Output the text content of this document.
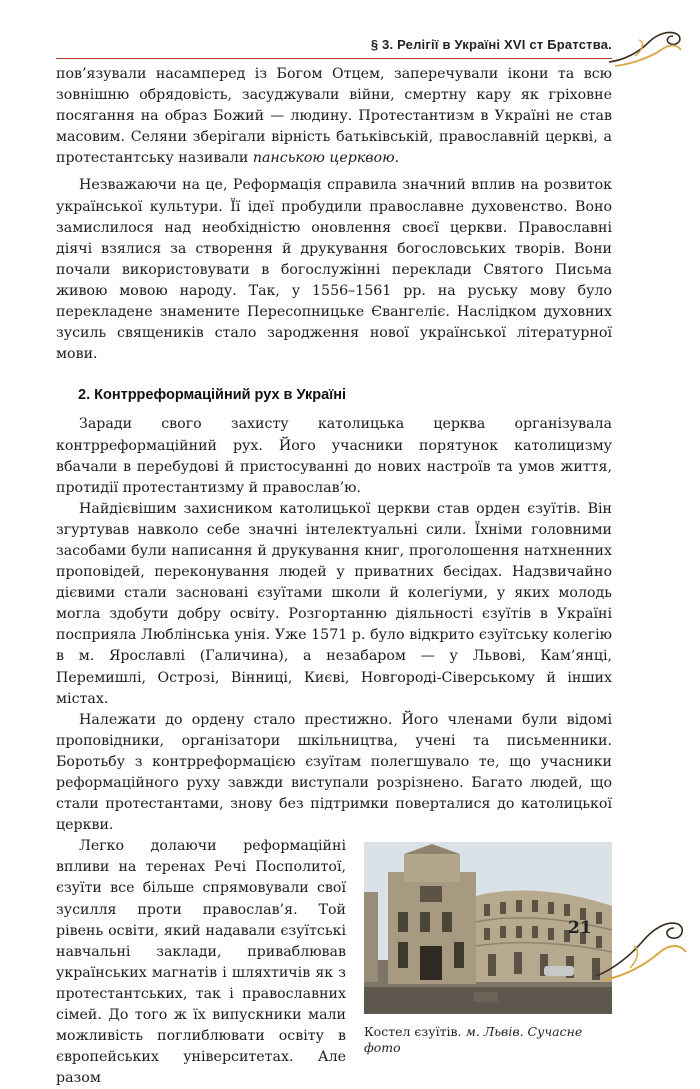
§ 3. Релігії в Україні XVI ст Братства.

пов’язували насамперед із Богом Отцем, заперечували ікони та всю зовнішню обрядовість, засуджували війни, смертну кару як гріховне посягання на образ Божий — людину. Протестантизм в Україні не став масовим. Селяни зберігали вірність батьківській, православній церкві, а протестантську називали панською церквою.

Незважаючи на це, Реформація справила значний вплив на розвиток української культури. Її ідеї пробудили православне духовенство. Воно замислилося над необхідністю оновлення своєї церкви. Православні діячі взялися за створення й друкування богословських творів. Вони почали використовувати в богослужінні переклади Святого Письма живою мовою народу. Так, у 1556–1561 рр. на руську мову було перекладене знамените Пересопницьке Євангеліє. Наслідком духовних зусиль священиків стало зародження нової української літературної мови.

2. Контрреформаційний рух в Україні

Заради свого захисту католицька церква організувала контрреформаційний рух. Його учасники порятунок католицизму вбачали в перебудові й пристосуванні до нових настроїв та умов життя, протидії протестантизму й православ’ю.

Найдієвішим захисником католицької церкви став орден єзуїтів. Він згуртував навколо себе значні інтелектуальні сили. Їхніми головними засобами були написання й друкування книг, проголошення натхненних проповідей, переконування людей у приватних бесідах. Надзвичайно дієвими стали засновані єзуїтами школи й колегіуми, у яких молодь могла здобути добру освіту. Розгортанню діяльності єзуїтів в Україні посприяла Люблінська унія. Уже 1571 р. було відкрито єзуїтську колегію в м. Ярославлі (Галичина), а незабаром — у Львові, Кам’янці, Перемишлі, Острозі, Вінниці, Києві, Новгороді-Сіверському й інших містах.

Належати до ордену стало престижно. Його членами були відомі проповідники, організатори шкільництва, учені та письменники. Боротьбу з контрреформацією єзуїтам полегшувало те, що учасники реформаційного руху завжди виступали розрізнено. Багато людей, що стали протестантами, знову без підтримки поверталися до католицької церкви.

Костел єзуїтів. м. Львів. Сучасне фото

Легко долаючи реформаційні впливи на теренах Речі Посполитої, єзуїти все більше спрямовували свої зусилля проти православ’я. Той рівень освіти, який надавали єзуїтські навчальні заклади, приваблював українських магнатів і шляхтичів як з протестантських, так і православних сімей. До того ж їх випускники мали можливість поглиблювати освіту в європейських університетах. Але разом

21
